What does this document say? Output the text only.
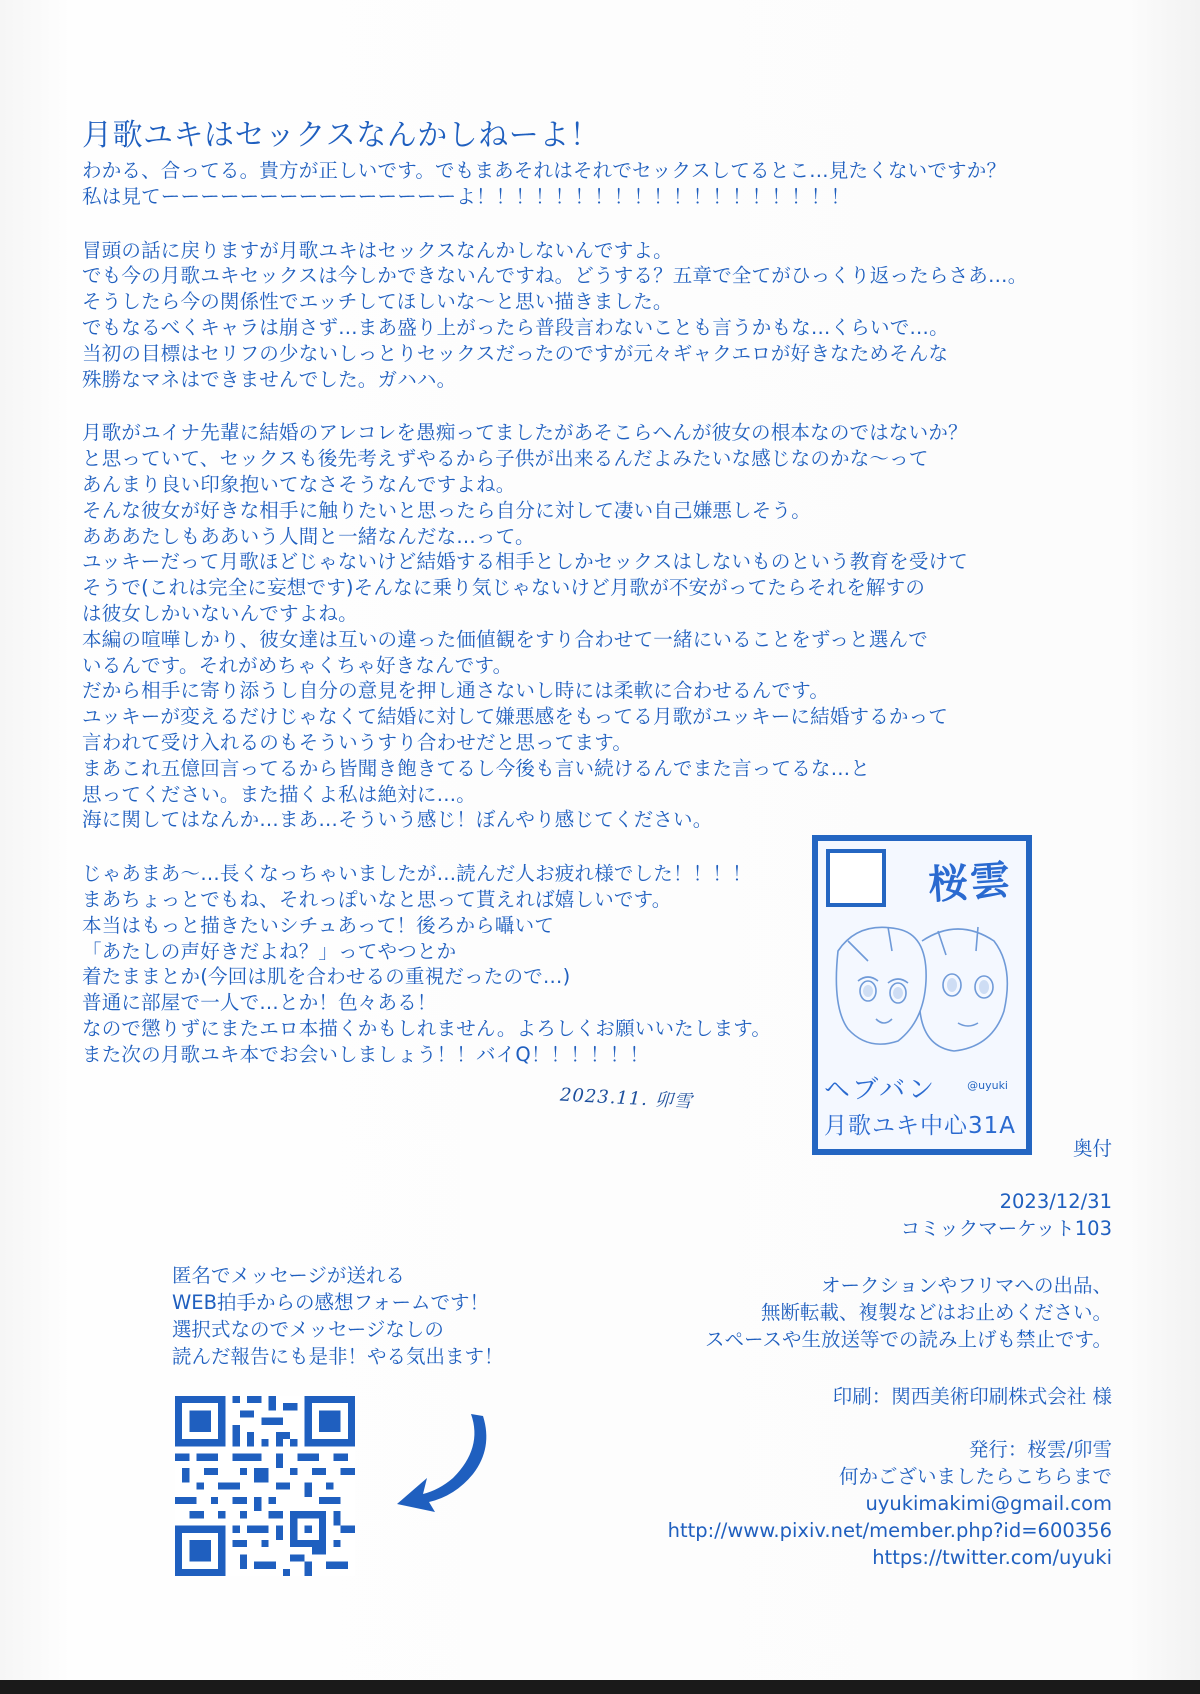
月歌ユキはセックスなんかしねーよ！
わかる、合ってる。貴方が正しいです。でもまあそれはそれでセックスしてるとこ…見たくないですか？
私は見てーーーーーーーーーーーーーーーよ！！！！！！！！！！！！！！！！！！！
冒頭の話に戻りますが月歌ユキはセックスなんかしないんですよ。
でも今の月歌ユキセックスは今しかできないんですね。どうする？五章で全てがひっくり返ったらさあ…。
そうしたら今の関係性でエッチしてほしいな～と思い描きました。
でもなるべくキャラは崩さず…まあ盛り上がったら普段言わないことも言うかもな…くらいで…。
当初の目標はセリフの少ないしっとりセックスだったのですが元々ギャクエロが好きなためそんな
殊勝なマネはできませんでした。ガハハ。
月歌がユイナ先輩に結婚のアレコレを愚痴ってましたがあそこらへんが彼女の根本なのではないか？
と思っていて、セックスも後先考えずやるから子供が出来るんだよみたいな感じなのかな～って
あんまり良い印象抱いてなさそうなんですよね。
そんな彼女が好きな相手に触りたいと思ったら自分に対して凄い自己嫌悪しそう。
あああたしもああいう人間と一緒なんだな…って。
ユッキーだって月歌ほどじゃないけど結婚する相手としかセックスはしないものという教育を受けて
そうで(これは完全に妄想です)そんなに乗り気じゃないけど月歌が不安がってたらそれを解すの
は彼女しかいないんですよね。
本編の喧嘩しかり、彼女達は互いの違った価値観をすり合わせて一緒にいることをずっと選んで
いるんです。それがめちゃくちゃ好きなんです。
だから相手に寄り添うし自分の意見を押し通さないし時には柔軟に合わせるんです。
ユッキーが変えるだけじゃなくて結婚に対して嫌悪感をもってる月歌がユッキーに結婚するかって
言われて受け入れるのもそういうすり合わせだと思ってます。
まあこれ五億回言ってるから皆聞き飽きてるし今後も言い続けるんでまた言ってるな…と
思ってください。また描くよ私は絶対に…。
海に関してはなんか…まあ…そういう感じ！ぼんやり感じてください。
じゃあまあ～…長くなっちゃいましたが…読んだ人お疲れ様でした！！！！
まあちょっとでもね、それっぽいなと思って貰えれば嬉しいです。
本当はもっと描きたいシチュあって！後ろから囁いて
「あたしの声好きだよね？」ってやつとか
着たままとか(今回は肌を合わせるの重視だったので…)
普通に部屋で一人で…とか！色々ある！
なので懲りずにまたエロ本描くかもしれません。よろしくお願いいたします。
また次の月歌ユキ本でお会いしましょう！！バイQ！！！！！！
2023.11. 卯雪
桜雲
ヘブバン	@uyuki
月歌ユキ中心31A
奥付
2023/12/31
コミックマーケット103
オークションやフリマへの出品、
無断転載、複製などはお止めください。
スペースや生放送等での読み上げも禁止です。
印刷：関西美術印刷株式会社 様
発行：桜雲/卯雪
何かございましたらこちらまで
uyukimakimi@gmail.com
http://www.pixiv.net/member.php?id=600356
https://twitter.com/uyuki
匿名でメッセージが送れる
WEB拍手からの感想フォームです！
選択式なのでメッセージなしの
読んだ報告にも是非！やる気出ます！
